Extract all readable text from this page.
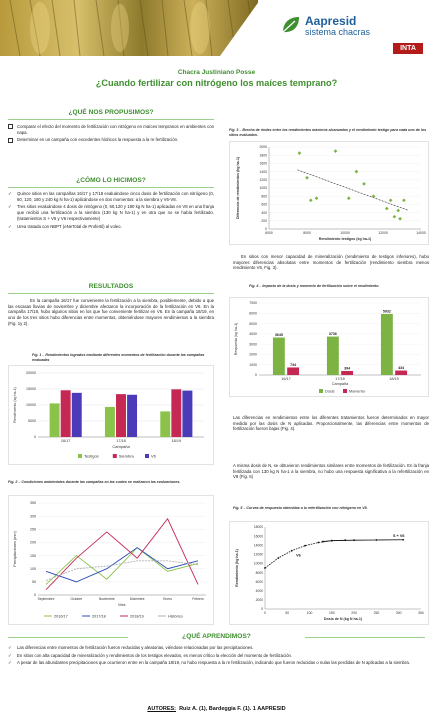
Aapresid
sistema chacras
INTA
Chacra Justiniano Posse
¿Cuando fertilizar con nitrógeno los maíces temprano?
¿QUÉ NOS PROPUSIMOS?
Comparar el efecto del momento de fertilización con nitrógeno en maíces tempranos en ambientes con napa.
Determinar en un campaña con excedentes hídricos la respuesta a la re fertilización.
¿CÓMO LO HICIMOS?
✓	Quince sitios en las campañas 16/17 y 17/18 evaluándose cinco dosis de fertilización con nitrógeno (0, 60, 120, 180 y 240 kg N ha-1) aplicándose en dos momentos: a la siembra y V6-V8.
✓	Tres sitios evaluándose 4 dosis de nitrógeno (0, 60,120 y 180 kg N ha-1) aplicadas en V8 en una franja que recibió una fertilización a la siembra (130 kg N ha-1) y en otra que no se había fertilizado. (tratamientos S + V6 y V6 respectivamente)
✓	Urea tratada con NBPT (eNeTotal de Profertil) al voleo.
RESULTADOS
En la campaña 16/17 fue conveniente la fertilización a la siembra, posiblemente, debido a que las escasas lluvias de noviembre y diciembre afectaron la incorporación de la fertilización en V6. En la campaña 17/18, hubo algunos sitios en los que fue conveniente fertilizar en V6. En la campaña 18/19, en uno de los tres sitios hubo diferencias entre momentos, obteniéndose mayores rendimientos a la siembra (Fig. 1y 2).
Fig. 1 – Rendimientos logrados mediante diferentes momentos de fertilización durante las campañas evaluadas
0
5000
10000
15000
20000
16/17	17/18	18/19
Campaña
Rendimiento (kg ha-1)
Testigos	Siembra	V6
Fig. 2 – Condiciones ambientales durante las campañas en las cuales se realizaron las evaluaciones.
0
50
100
150
200
250
300
350
Septiembre	Octubre	Noviembre	Diciembre	Enero	Febrero
Mes
Precipitaciones (mm)
2016/17	2017/18	2018/19	Histórico
Fig. 3 – Brecha de rindes entre los rendimientos máximos alcanzados y el rendimiento testigo para cada uno de los sitios evaluados.
0
200
400
600
800
1000
1200
1400
1600
1800
2000
6000	8000	10000	12000	14000
Rendimiento testigos (kg ha-1)
Diferencia de rendimientos (kg ha-1)
En sitios con menor capacidad de mineralización (rendimiento de testigos inferiores), hubo mayores diferencias absolutas entre momentos de fertilización (rendimiento siembra menos rendimiento V6, Fig. 3).
Fig. 4 – Impacto de la dosis y momento de fertilización sobre el rendimiento.
0
1000
2000
3000
4000
5000
6000
7000
3645
734
16/17
3736
394
17/18
5932
434
18/19
Campaña
Respuesta (kg ha-1)
Dosis	Momento
Las diferencias en rendimientos entre los diferentes tratamientos fueron determinados en mayor medida por las dosis de N aplicadas. Proporcionalmente, las diferencias entre momentos de fertilización fueron bajas (Fig. 4).
A misma dosis de N, se obtuvieron rendimientos similares entre momentos de fertilización. En la franja fertilizada con 130 kg N ha-1 a la siembra, no hubo una respuesta significativa a la refertilización en V8 (Fig. 5)
Fig. 5 – Curvas de respuesta obtenidas a la refertilización con nitrógeno en V8.
0
2000
4000
6000
8000
10000
12000
14000
16000
18000
0	50	100	150	200	250	300	350
S + V6
V6
Dosis de N (kg N ha-1)
Rendimiento (kg ha-1)
¿QUÉ APRENDIMOS?
✓	Las diferencias entre momentos de fertilización fueron reducidas y aleatorias, viéndose relacionadas por las precipitaciones.
✓	En sitios con alta capacidad de mineralización y rendimientos de los testigos elevados, es menos crítico la elección del momento de fertilización.
✓	A pesar de las abundantes precipitaciones que ocurrieron entre en la campaña 18/19, no hubo respuesta a la re fertilización, indicando que fueron reducidas o nulas las perdidas de N aplicadas a la siembra.
AUTORES: Ruiz A. (1), Bardeggia F. (1). 1 AAPRESID
